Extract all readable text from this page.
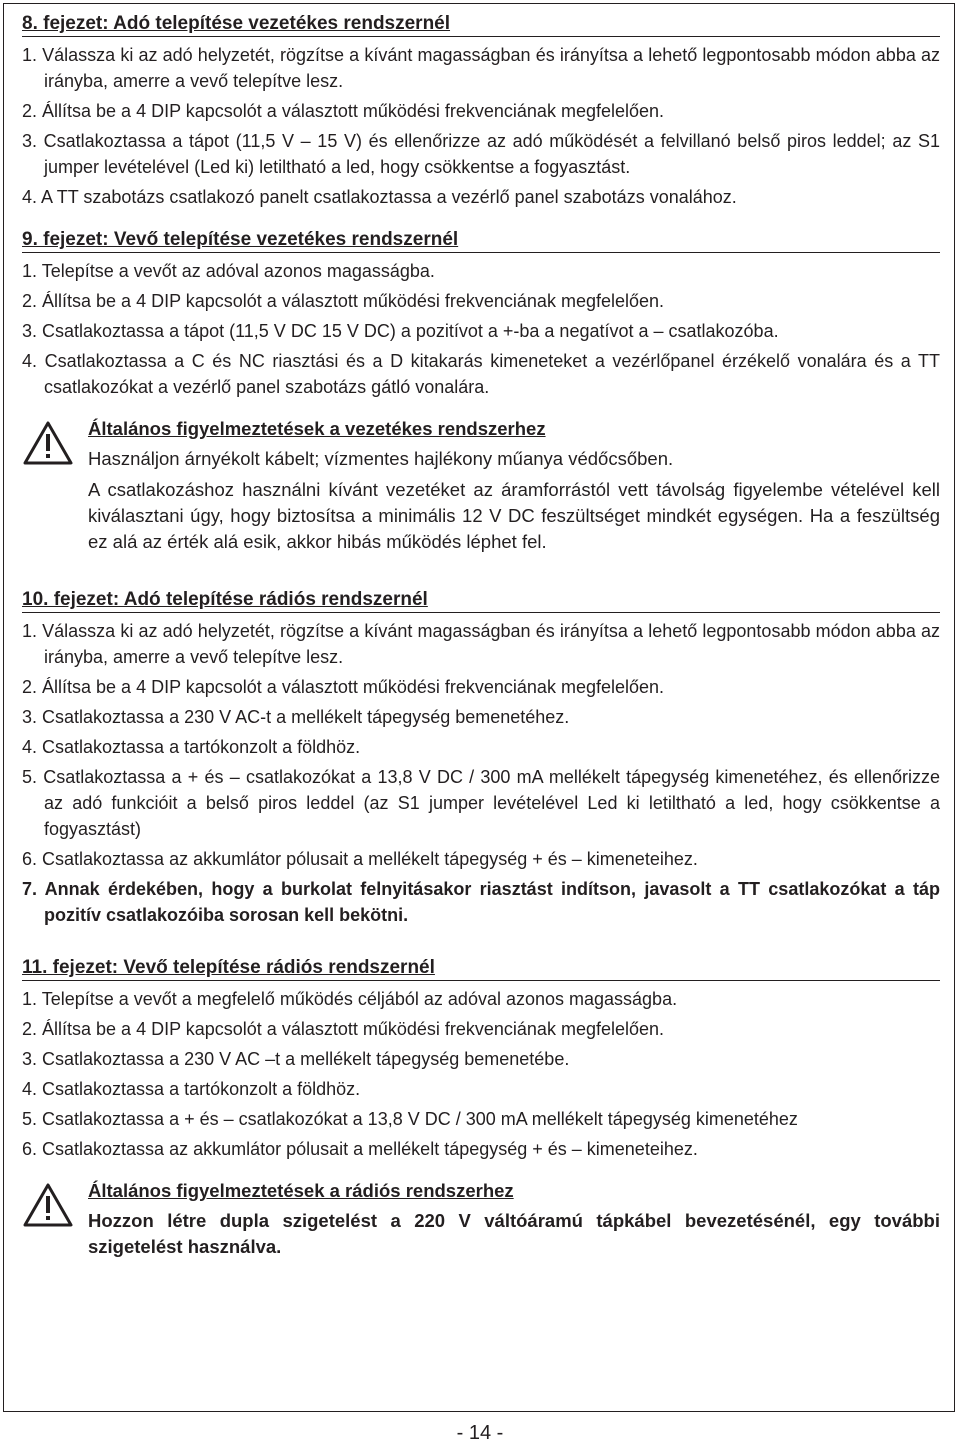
8. fejezet: Adó telepítése vezetékes rendszernél
1. Válassza ki az adó helyzetét, rögzítse a kívánt magasságban és irányítsa a lehető legpontosabb módon abba az irányba, amerre a vevő telepítve lesz.
2. Állítsa be a 4 DIP kapcsolót a választott működési frekvenciának megfelelően.
3. Csatlakoztassa a tápot (11,5 V – 15 V) és ellenőrizze az adó működését a felvillanó belső piros leddel; az S1 jumper levételével (Led ki) letiltható a led, hogy csökkentse a fogyasztást.
4. A TT szabotázs csatlakozó panelt csatlakoztassa a vezérlő panel szabotázs vonalához.
9. fejezet: Vevő telepítése vezetékes rendszernél
1. Telepítse a vevőt az adóval azonos magasságba.
2. Állítsa be a 4 DIP kapcsolót a választott működési frekvenciának megfelelően.
3. Csatlakoztassa a tápot (11,5 V DC 15 V DC) a pozitívot a +-ba a negatívot a – csatlakozóba.
4. Csatlakoztassa a C és NC riasztási és a D kitakarás kimeneteket a vezérlőpanel érzékelő vonalára és a TT csatlakozókat a vezérlő panel szabotázs gátló vonalára.
Általános figyelmeztetések a vezetékes rendszerhez

Használjon árnyékolt kábelt; vízmentes hajlékony műanya védőcsőben.

A csatlakozáshoz használni kívánt vezetéket az áramforrástól vett távolság figyelembe vételével kell kiválasztani úgy, hogy biztosítsa a minimális 12 V DC feszültséget mindkét egységen. Ha a feszültség ez alá az érték alá esik, akkor hibás működés léphet fel.

10. fejezet: Adó telepítése rádiós rendszernél
1. Válassza ki az adó helyzetét, rögzítse a kívánt magasságban és irányítsa a lehető legpontosabb módon abba az irányba, amerre a vevő telepítve lesz.
2. Állítsa be a 4 DIP kapcsolót a választott működési frekvenciának megfelelően.
3. Csatlakoztassa a 230 V AC-t a mellékelt tápegység bemenetéhez.
4. Csatlakoztassa a tartókonzolt a földhöz.
5. Csatlakoztassa a + és – csatlakozókat a 13,8 V DC / 300 mA mellékelt tápegység kimenetéhez, és ellenőrizze az adó funkcióit a belső piros leddel (az S1 jumper levételével Led ki letiltható a led, hogy csökkentse a fogyasztást)
6. Csatlakoztassa az akkumlátor pólusait a mellékelt tápegység + és – kimeneteihez.
7. Annak érdekében, hogy a burkolat felnyitásakor riasztást indítson, javasolt a TT csatlakozókat a táp pozitív csatlakozóiba sorosan kell bekötni.
11. fejezet: Vevő telepítése rádiós rendszernél
1. Telepítse a vevőt a megfelelő működés céljából az adóval azonos magasságba.
2. Állítsa be a 4 DIP kapcsolót a választott működési frekvenciának megfelelően.
3. Csatlakoztassa a 230 V AC –t a mellékelt tápegység bemenetébe.
4. Csatlakoztassa a tartókonzolt a földhöz.
5. Csatlakoztassa a + és – csatlakozókat a 13,8 V DC / 300 mA mellékelt tápegység kimenetéhez
6. Csatlakoztassa az akkumlátor pólusait a mellékelt tápegység + és – kimeneteihez.
Általános figyelmeztetések a rádiós rendszerhez

Hozzon létre dupla szigetelést a 220 V váltóáramú tápkábel bevezetésénél, egy további szigetelést használva.

- 14 -
